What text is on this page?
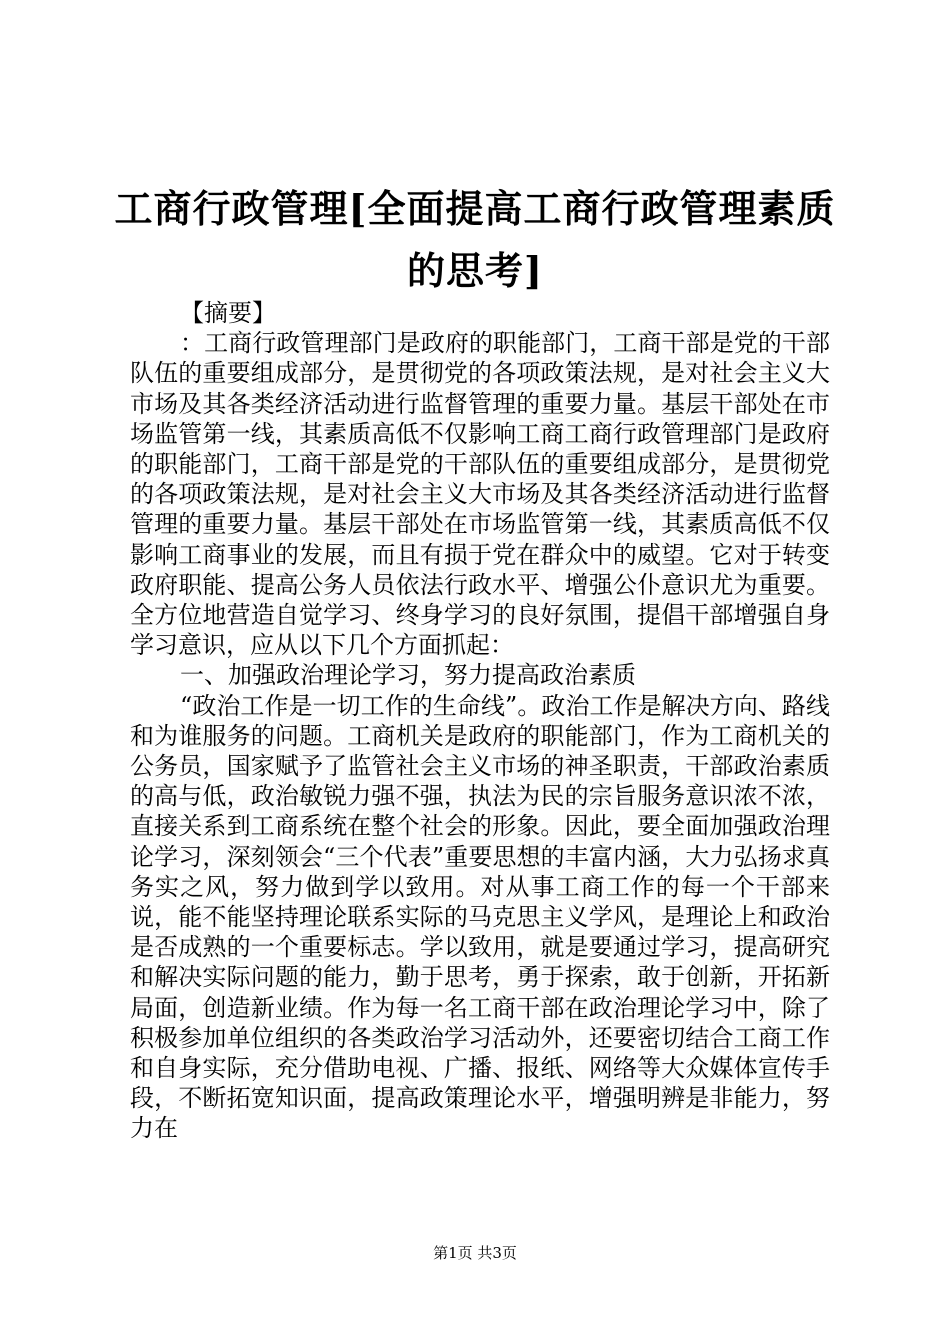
工商行政管理[全面提高工商行政管理素质的思考]

【摘要】

：工商行政管理部门是政府的职能部门，工商干部是党的干部队伍的重要组成部分，是贯彻党的各项政策法规，是对社会主义大市场及其各类经济活动进行监督管理的重要力量。基层干部处在市场监管第一线，其素质高低不仅影响工商工商行政管理部门是政府的职能部门，工商干部是党的干部队伍的重要组成部分，是贯彻党的各项政策法规，是对社会主义大市场及其各类经济活动进行监督管理的重要力量。基层干部处在市场监管第一线，其素质高低不仅影响工商事业的发展，而且有损于党在群众中的威望。它对于转变政府职能、提高公务人员依法行政水平、增强公仆意识尤为重要。全方位地营造自觉学习、终身学习的良好氛围，提倡干部增强自身学习意识，应从以下几个方面抓起：

一、加强政治理论学习，努力提高政治素质

“政治工作是一切工作的生命线”。政治工作是解决方向、路线和为谁服务的问题。工商机关是政府的职能部门，作为工商机关的公务员，国家赋予了监管社会主义市场的神圣职责，干部政治素质的高与低，政治敏锐力强不强，执法为民的宗旨服务意识浓不浓，直接关系到工商系统在整个社会的形象。因此，要全面加强政治理论学习，深刻领会“三个代表”重要思想的丰富内涵，大力弘扬求真务实之风，努力做到学以致用。对从事工商工作的每一个干部来说，能不能坚持理论联系实际的马克思主义学风，是理论上和政治是否成熟的一个重要标志。学以致用，就是要通过学习，提高研究和解决实际问题的能力，勤于思考，勇于探索，敢于创新，开拓新局面，创造新业绩。作为每一名工商干部在政治理论学习中，除了积极参加单位组织的各类政治学习活动外，还要密切结合工商工作和自身实际，充分借助电视、广播、报纸、网络等大众媒体宣传手段，不断拓宽知识面，提高政策理论水平，增强明辨是非能力，努力在

第1页 共3页
